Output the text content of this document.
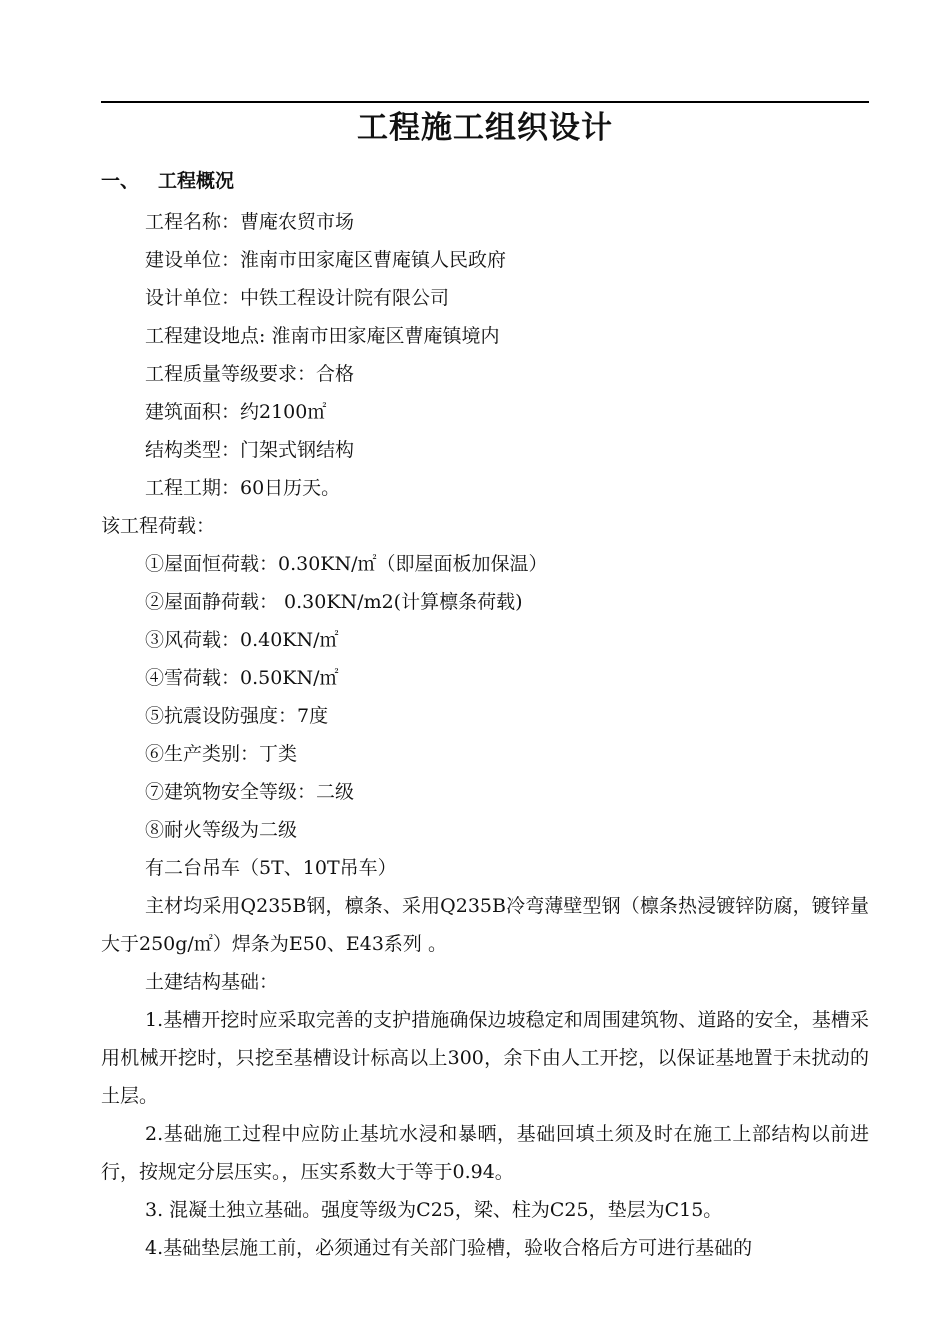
工程施工组织设计
一、 工程概况
工程名称：曹庵农贸市场
建设单位：淮南市田家庵区曹庵镇人民政府
设计单位：中铁工程设计院有限公司
工程建设地点: 淮南市田家庵区曹庵镇境内
工程质量等级要求：合格
建筑面积：约2100㎡
结构类型：门架式钢结构
工程工期：60日历天。
该工程荷载：
①屋面恒荷载：0.30KN/㎡（即屋面板加保温）
②屋面静荷载： 0.30KN/m2(计算檩条荷载)
③风荷载：0.40KN/㎡
④雪荷载：0.50KN/㎡
⑤抗震设防强度：7度
⑥生产类别：丁类
⑦建筑物安全等级：二级
⑧耐火等级为二级
有二台吊车（5T、10T吊车）
主材均采用Q235B钢，檩条、采用Q235B冷弯薄壁型钢（檩条热浸镀锌防腐，镀锌量大于250g/㎡）焊条为E50、E43系列 。
土建结构基础：
1.基槽开挖时应采取完善的支护措施确保边坡稳定和周围建筑物、道路的安全，基槽采用机械开挖时，只挖至基槽设计标高以上300，余下由人工开挖，以保证基地置于未扰动的土层。
2.基础施工过程中应防止基坑水浸和暴晒，基础回填土须及时在施工上部结构以前进行，按规定分层压实。，压实系数大于等于0.94。
3. 混凝土独立基础。强度等级为C25，梁、柱为C25，垫层为C15。
4.基础垫层施工前，必须通过有关部门验槽，验收合格后方可进行基础的
